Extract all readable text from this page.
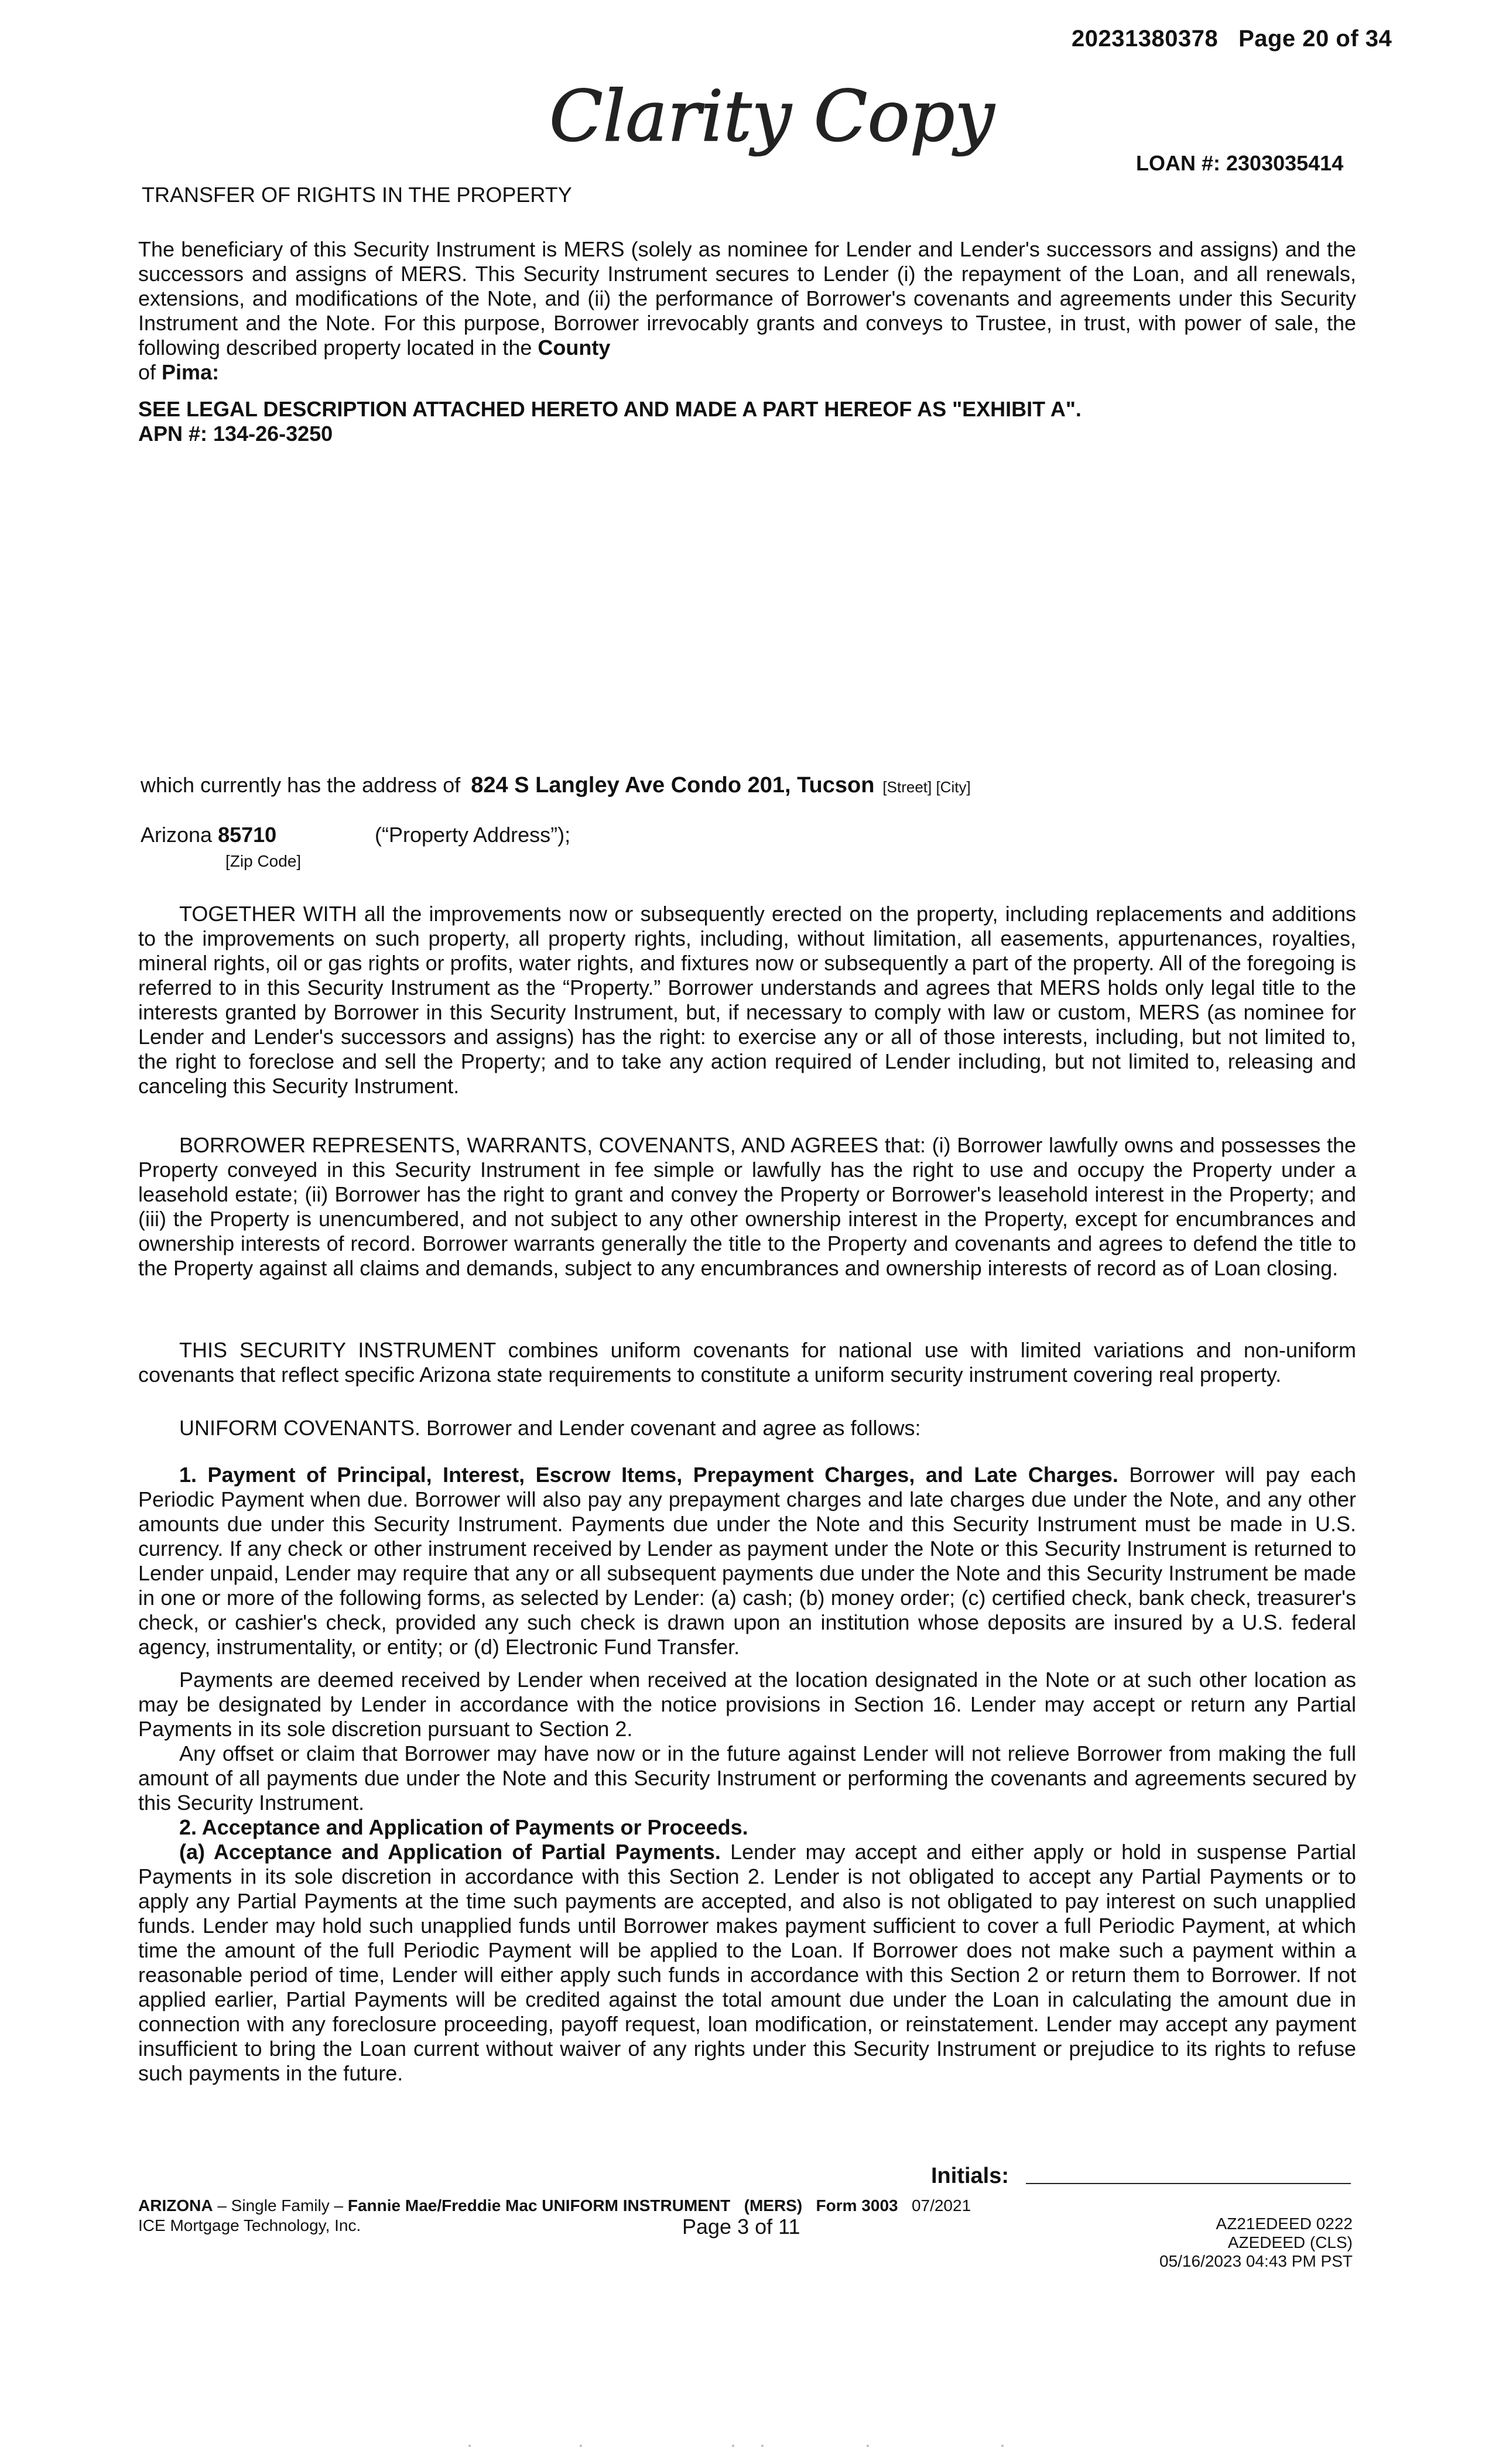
20231380378 Page 20 of 34
Clarity Copy
LOAN #: 2303035414
TRANSFER OF RIGHTS IN THE PROPERTY
The beneficiary of this Security Instrument is MERS (solely as nominee for Lender and Lender's successors and assigns) and the successors and assigns of MERS. This Security Instrument secures to Lender (i) the repayment of the Loan, and all renewals, extensions, and modifications of the Note, and (ii) the performance of Borrower's covenants and agreements under this Security Instrument and the Note. For this purpose, Borrower irrevocably grants and conveys to Trustee, in trust, with power of sale, the following described property located in the County
of Pima:
SEE LEGAL DESCRIPTION ATTACHED HERETO AND MADE A PART HEREOF AS "EXHIBIT A".
APN #: 134-26-3250
which currently has the address of 824 S Langley Ave Condo 201, Tucson [Street] [City]
Arizona 85710
[Zip Code]
(“Property Address”);
TOGETHER WITH all the improvements now or subsequently erected on the property, including replacements and additions to the improvements on such property, all property rights, including, without limitation, all easements, appurtenances, royalties, mineral rights, oil or gas rights or profits, water rights, and fixtures now or subsequently a part of the property. All of the foregoing is referred to in this Security Instrument as the “Property.” Borrower understands and agrees that MERS holds only legal title to the interests granted by Borrower in this Security Instrument, but, if necessary to comply with law or custom, MERS (as nominee for Lender and Lender's successors and assigns) has the right: to exercise any or all of those interests, including, but not limited to, the right to foreclose and sell the Property; and to take any action required of Lender including, but not limited to, releasing and canceling this Security Instrument.
BORROWER REPRESENTS, WARRANTS, COVENANTS, AND AGREES that: (i) Borrower lawfully owns and possesses the Property conveyed in this Security Instrument in fee simple or lawfully has the right to use and occupy the Property under a leasehold estate; (ii) Borrower has the right to grant and convey the Property or Borrower's leasehold interest in the Property; and (iii) the Property is unencumbered, and not subject to any other ownership interest in the Property, except for encumbrances and ownership interests of record. Borrower warrants generally the title to the Property and covenants and agrees to defend the title to the Property against all claims and demands, subject to any encumbrances and ownership interests of record as of Loan closing.
THIS SECURITY INSTRUMENT combines uniform covenants for national use with limited variations and non-uniform covenants that reflect specific Arizona state requirements to constitute a uniform security instrument covering real property.
UNIFORM COVENANTS. Borrower and Lender covenant and agree as follows:
1. Payment of Principal, Interest, Escrow Items, Prepayment Charges, and Late Charges. Borrower will pay each Periodic Payment when due. Borrower will also pay any prepayment charges and late charges due under the Note, and any other amounts due under this Security Instrument. Payments due under the Note and this Security Instrument must be made in U.S. currency. If any check or other instrument received by Lender as payment under the Note or this Security Instrument is returned to Lender unpaid, Lender may require that any or all subsequent payments due under the Note and this Security Instrument be made in one or more of the following forms, as selected by Lender: (a) cash; (b) money order; (c) certified check, bank check, treasurer's check, or cashier's check, provided any such check is drawn upon an institution whose deposits are insured by a U.S. federal agency, instrumentality, or entity; or (d) Electronic Fund Transfer.
Payments are deemed received by Lender when received at the location designated in the Note or at such other location as may be designated by Lender in accordance with the notice provisions in Section 16. Lender may accept or return any Partial Payments in its sole discretion pursuant to Section 2.
Any offset or claim that Borrower may have now or in the future against Lender will not relieve Borrower from making the full amount of all payments due under the Note and this Security Instrument or performing the covenants and agreements secured by this Security Instrument.
2. Acceptance and Application of Payments or Proceeds.
(a) Acceptance and Application of Partial Payments. Lender may accept and either apply or hold in suspense Partial Payments in its sole discretion in accordance with this Section 2. Lender is not obligated to accept any Partial Payments or to apply any Partial Payments at the time such payments are accepted, and also is not obligated to pay interest on such unapplied funds. Lender may hold such unapplied funds until Borrower makes payment sufficient to cover a full Periodic Payment, at which time the amount of the full Periodic Payment will be applied to the Loan. If Borrower does not make such a payment within a reasonable period of time, Lender will either apply such funds in accordance with this Section 2 or return them to Borrower. If not applied earlier, Partial Payments will be credited against the total amount due under the Loan in calculating the amount due in connection with any foreclosure proceeding, payoff request, loan modification, or reinstatement. Lender may accept any payment insufficient to bring the Loan current without waiver of any rights under this Security Instrument or prejudice to its rights to refuse such payments in the future.
Initials:
ARIZONA – Single Family – Fannie Mae/Freddie Mac UNIFORM INSTRUMENT (MERS) Form 3003 07/2021
ICE Mortgage Technology, Inc.	Page 3 of 11	AZ21EDEED 0222
AZEDEED (CLS)
05/16/2023 04:43 PM PST
